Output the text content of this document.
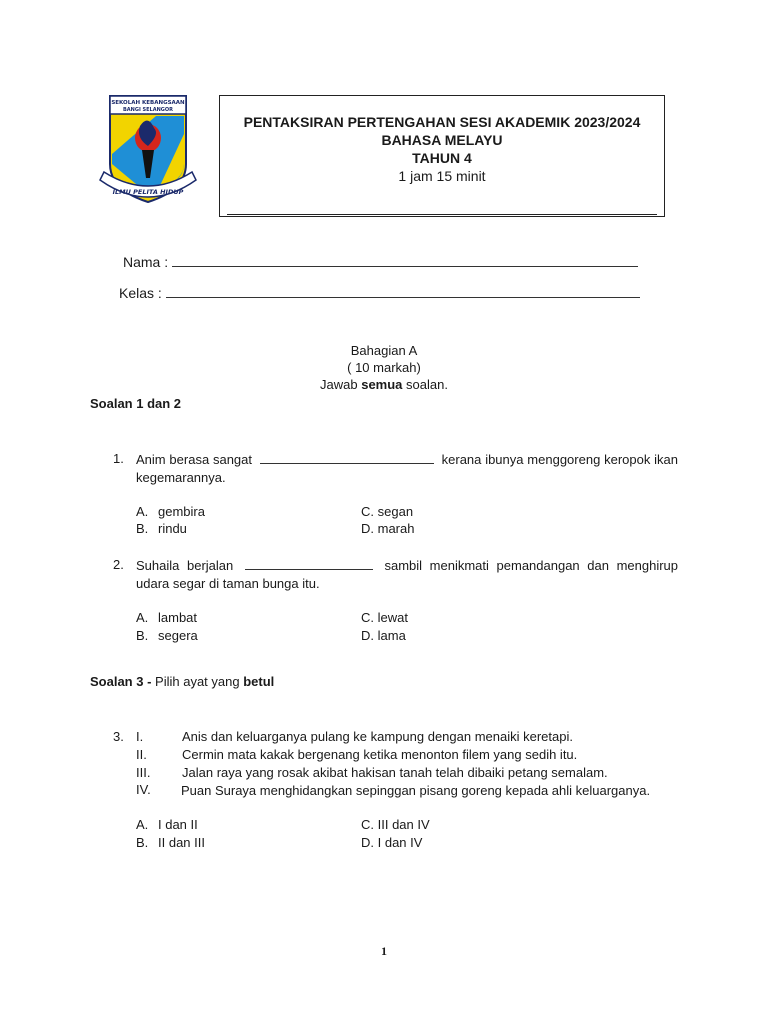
SEKOLAH KEBANGSAAN
BANGI SELANGOR
ILMU PELITA HIDUP
PENTAKSIRAN PERTENGAHAN SESI AKADEMIK 2023/2024
BAHASA MELAYU
TAHUN 4
1 jam 15 minit
Nama :
Kelas :
Bahagian A
( 10 markah)
Jawab semua soalan.
Soalan 1 dan 2
1. Anim berasa sangat	kerana ibunya menggoreng keropok ikan kegemarannya.
A. gembira
B. rindu
C. segan
D. marah
2. Suhaila berjalan	sambil menikmati pemandangan dan menghirup udara segar di taman bunga itu.
A. lambat
B. segera
C. lewat
D. lama
Soalan 3 - Pilih ayat yang betul
3. I.	Anis dan keluarganya pulang ke kampung dengan menaiki keretapi.
II.	Cermin mata kakak bergenang ketika menonton filem yang sedih itu.
III. Jalan raya yang rosak akibat hakisan tanah telah dibaiki petang semalam.
IV.	Puan Suraya menghidangkan sepinggan pisang goreng kepada ahli keluarganya.
A. I dan II
B. II dan III
C. III dan IV
D. I dan IV
1
